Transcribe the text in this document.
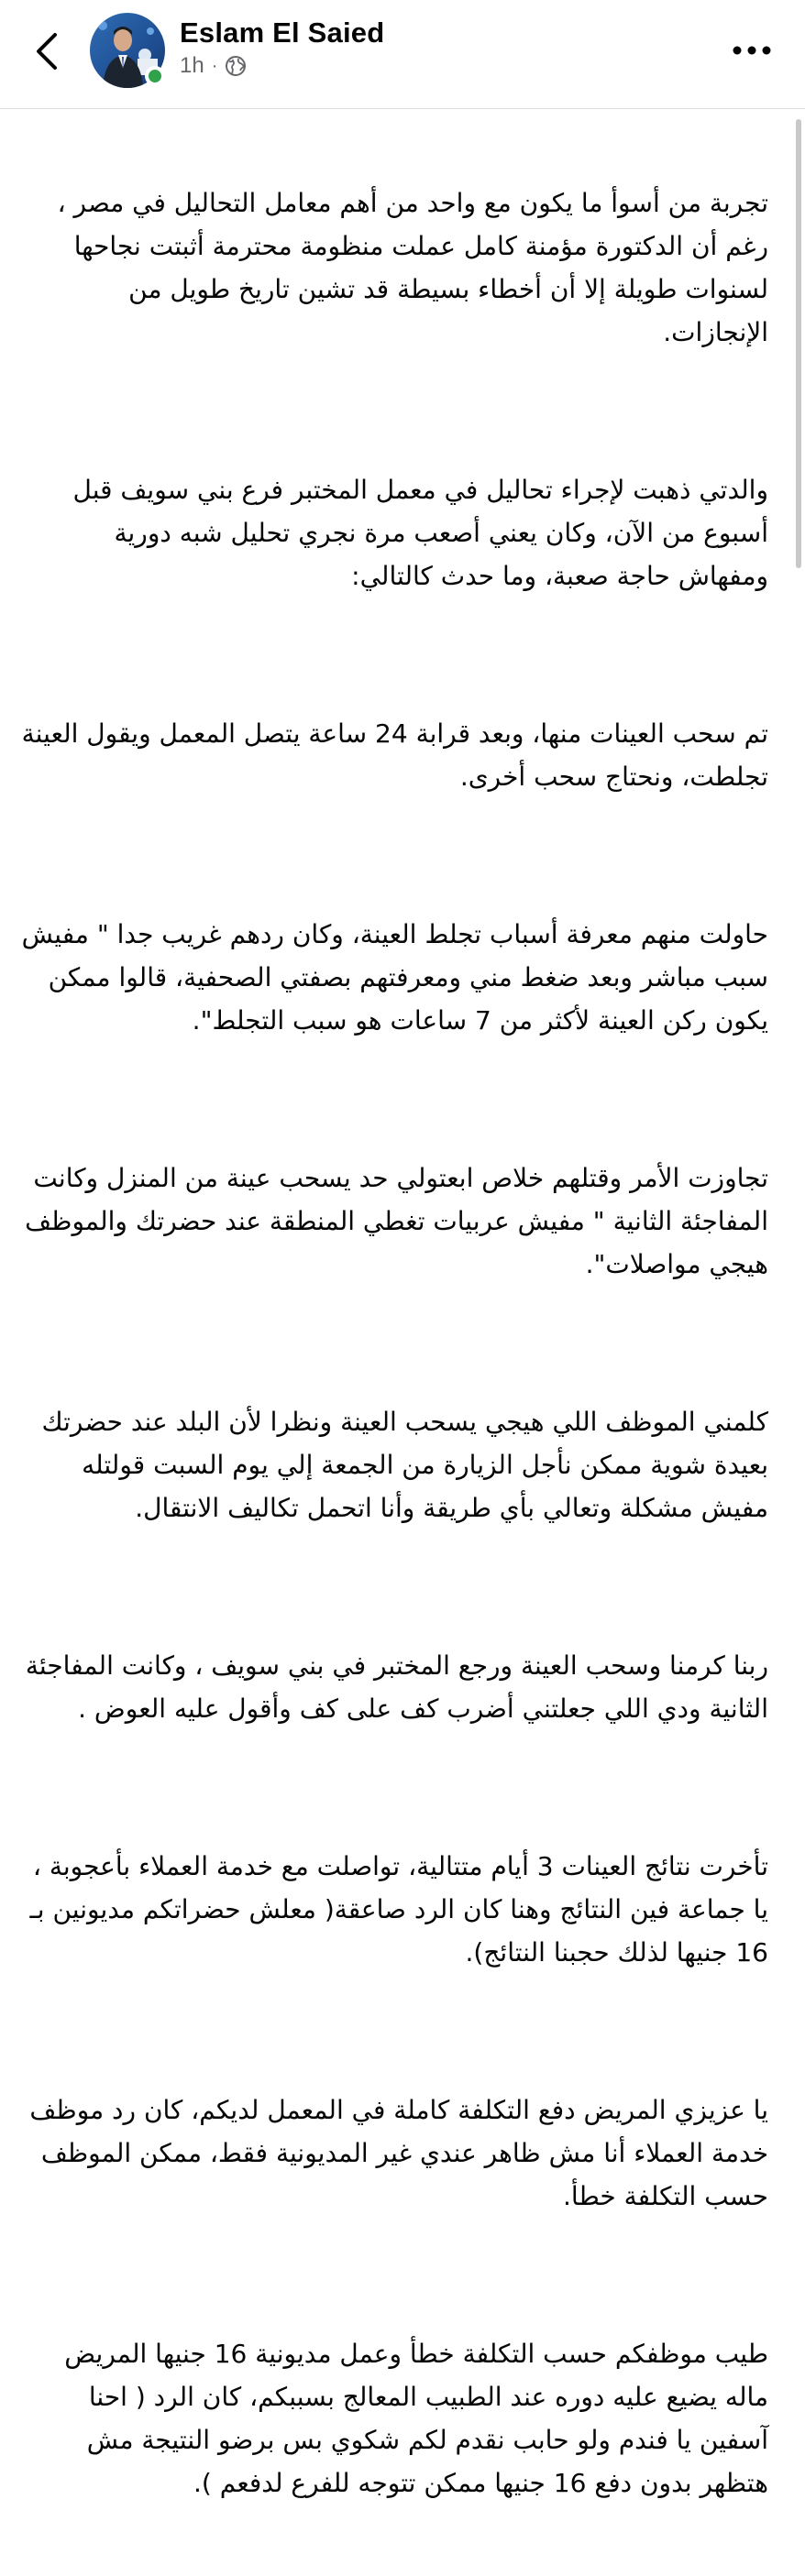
Eslam El Saied
1h ·

تجربة من أسوأ ما يكون مع واحد من أهم معامل التحاليل في مصر ، رغم أن الدكتورة مؤمنة كامل عملت منظومة محترمة أثبتت نجاحها لسنوات طويلة إلا أن أخطاء بسيطة قد تشين تاريخ طويل من الإنجازات.

والدتي ذهبت لإجراء تحاليل في معمل المختبر فرع بني سويف قبل أسبوع من الآن، وكان يعني أصعب مرة نجري تحليل شبه دورية ومفهاش حاجة صعبة، وما حدث كالتالي:

تم سحب العينات منها، وبعد قرابة 24 ساعة يتصل المعمل ويقول العينة تجلطت، ونحتاج سحب أخرى.

حاولت منهم معرفة أسباب تجلط العينة، وكان ردهم غريب جدا " مفيش سبب مباشر وبعد ضغط مني ومعرفتهم بصفتي الصحفية، قالوا ممكن يكون ركن العينة لأكثر من 7 ساعات هو سبب التجلط".

تجاوزت الأمر وقتلهم خلاص ابعتولي حد يسحب عينة من المنزل وكانت المفاجئة الثانية " مفيش عربيات تغطي المنطقة عند حضرتك والموظف هيجي مواصلات".

كلمني الموظف اللي هيجي يسحب العينة ونظرا لأن البلد عند حضرتك بعيدة شوية ممكن نأجل الزيارة من الجمعة إلي يوم السبت قولتله مفيش مشكلة وتعالي بأي طريقة وأنا اتحمل تكاليف الانتقال.

ربنا كرمنا وسحب العينة ورجع المختبر في بني سويف ، وكانت المفاجئة الثانية ودي اللي جعلتني أضرب كف على كف وأقول عليه العوض .

تأخرت نتائج العينات 3 أيام متتالية، تواصلت مع خدمة العملاء بأعجوبة ، يا جماعة فين النتائج وهنا كان الرد صاعقة( معلش حضراتكم مديونين بـ 16 جنيها لذلك حجبنا النتائج).

يا عزيزي المريض دفع التكلفة كاملة في المعمل لديكم، كان رد موظف خدمة العملاء أنا مش ظاهر عندي غير المديونية فقط، ممكن الموظف حسب التكلفة خطأ.

طيب موظفكم حسب التكلفة خطأ وعمل مديونية 16 جنيها المريض ماله يضيع عليه دوره عند الطبيب المعالج بسببكم، كان الرد ( احنا آسفين يا فندم ولو حابب نقدم لكم شكوي بس برضو النتيجة مش هتظهر بدون دفع 16 جنيها ممكن تتوجه للفرع لدفعم ).
